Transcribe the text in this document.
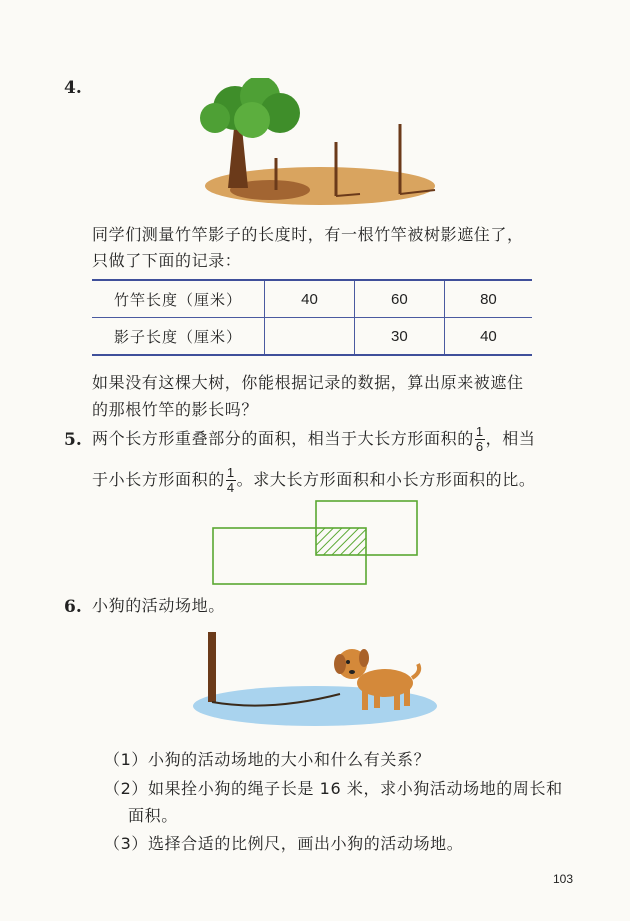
4.
同学们测量竹竿影子的长度时，有一根竹竿被树影遮住了，
只做了下面的记录：
竹竿长度（厘米）	40	60	80
影子长度（厘米）		30	40
如果没有这棵大树，你能根据记录的数据，算出原来被遮住
的那根竹竿的影长吗？
5. 两个长方形重叠部分的面积，相当于大长方形面积的 $\frac{1}{6}$ ，相当
于小长方形面积的 $\frac{1}{4}$ 。求大长方形面积和小长方形面积的比。
6. 小狗的活动场地。
（1）小狗的活动场地的大小和什么有关系？
（2）如果拴小狗的绳子长是 16 米，求小狗活动场地的周长和
面积。
（3）选择合适的比例尺，画出小狗的活动场地。
103
